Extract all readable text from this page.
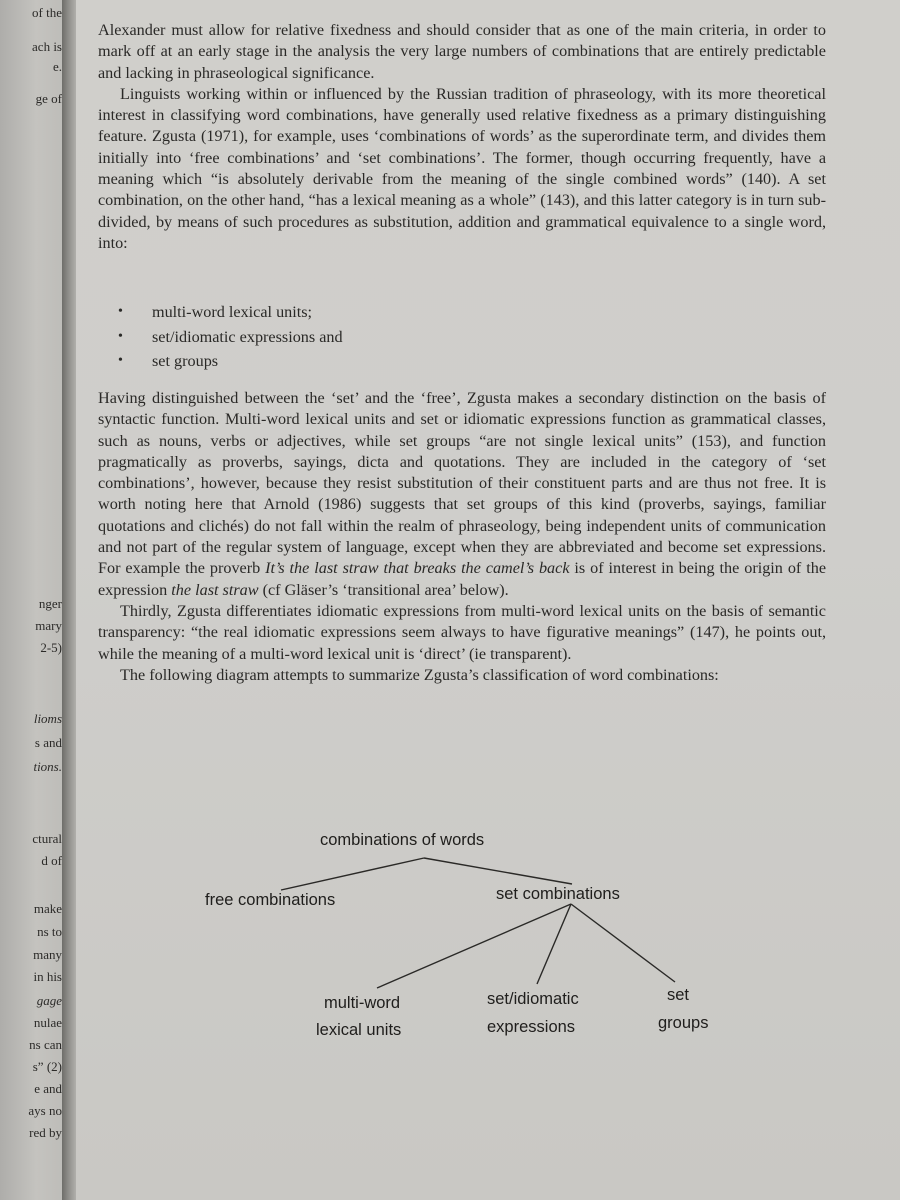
of the
ach is
e.
ge of
nger
mary
2-5)
lioms
s and
tions.
ctural
d of
make
ns to
many
in his
gage
nulae
ns can
s” (2)
e and
ays no
red by

Alexander must allow for relative fixedness and should consider that as one of the main criteria, in order to mark off at an early stage in the analysis the very large numbers of combinations that are entirely predictable and lacking in phraseological significance.

Linguists working within or influenced by the Russian tradition of phraseology, with its more theoretical interest in classifying word combinations, have generally used relative fixedness as a primary distinguishing feature. Zgusta (1971), for example, uses ‘combinations of words’ as the superordinate term, and divides them initially into ‘free combinations’ and ‘set combinations’. The former, though occurring frequently, have a meaning which “is absolutely derivable from the meaning of the single combined words” (140). A set combination, on the other hand, “has a lexical meaning as a whole” (143), and this latter category is in turn sub-divided, by means of such procedures as substitution, addition and grammatical equivalence to a single word, into:

• multi-word lexical units;
• set/idiomatic expressions and
• set groups

Having distinguished between the ‘set’ and the ‘free’, Zgusta makes a secondary distinction on the basis of syntactic function. Multi-word lexical units and set or idiomatic expressions function as grammatical classes, such as nouns, verbs or adjectives, while set groups “are not single lexical units” (153), and function pragmatically as proverbs, sayings, dicta and quotations. They are included in the category of ‘set combinations’, however, because they resist substitution of their constituent parts and are thus not free. It is worth noting here that Arnold (1986) suggests that set groups of this kind (proverbs, sayings, familiar quotations and clichés) do not fall within the realm of phraseology, being independent units of communication and not part of the regular system of language, except when they are abbreviated and become set expressions. For example the proverb It’s the last straw that breaks the camel’s back is of interest in being the origin of the expression the last straw (cf Gläser’s ‘transitional area’ below).

Thirdly, Zgusta differentiates idiomatic expressions from multi-word lexical units on the basis of semantic transparency: “the real idiomatic expressions seem always to have figurative meanings” (147), he points out, while the meaning of a multi-word lexical unit is ‘direct’ (ie transparent).

The following diagram attempts to summarize Zgusta’s classification of word combinations:

combinations of words
free combinations	set combinations
multi-word
lexical units
set/idiomatic
expressions
set
groups
